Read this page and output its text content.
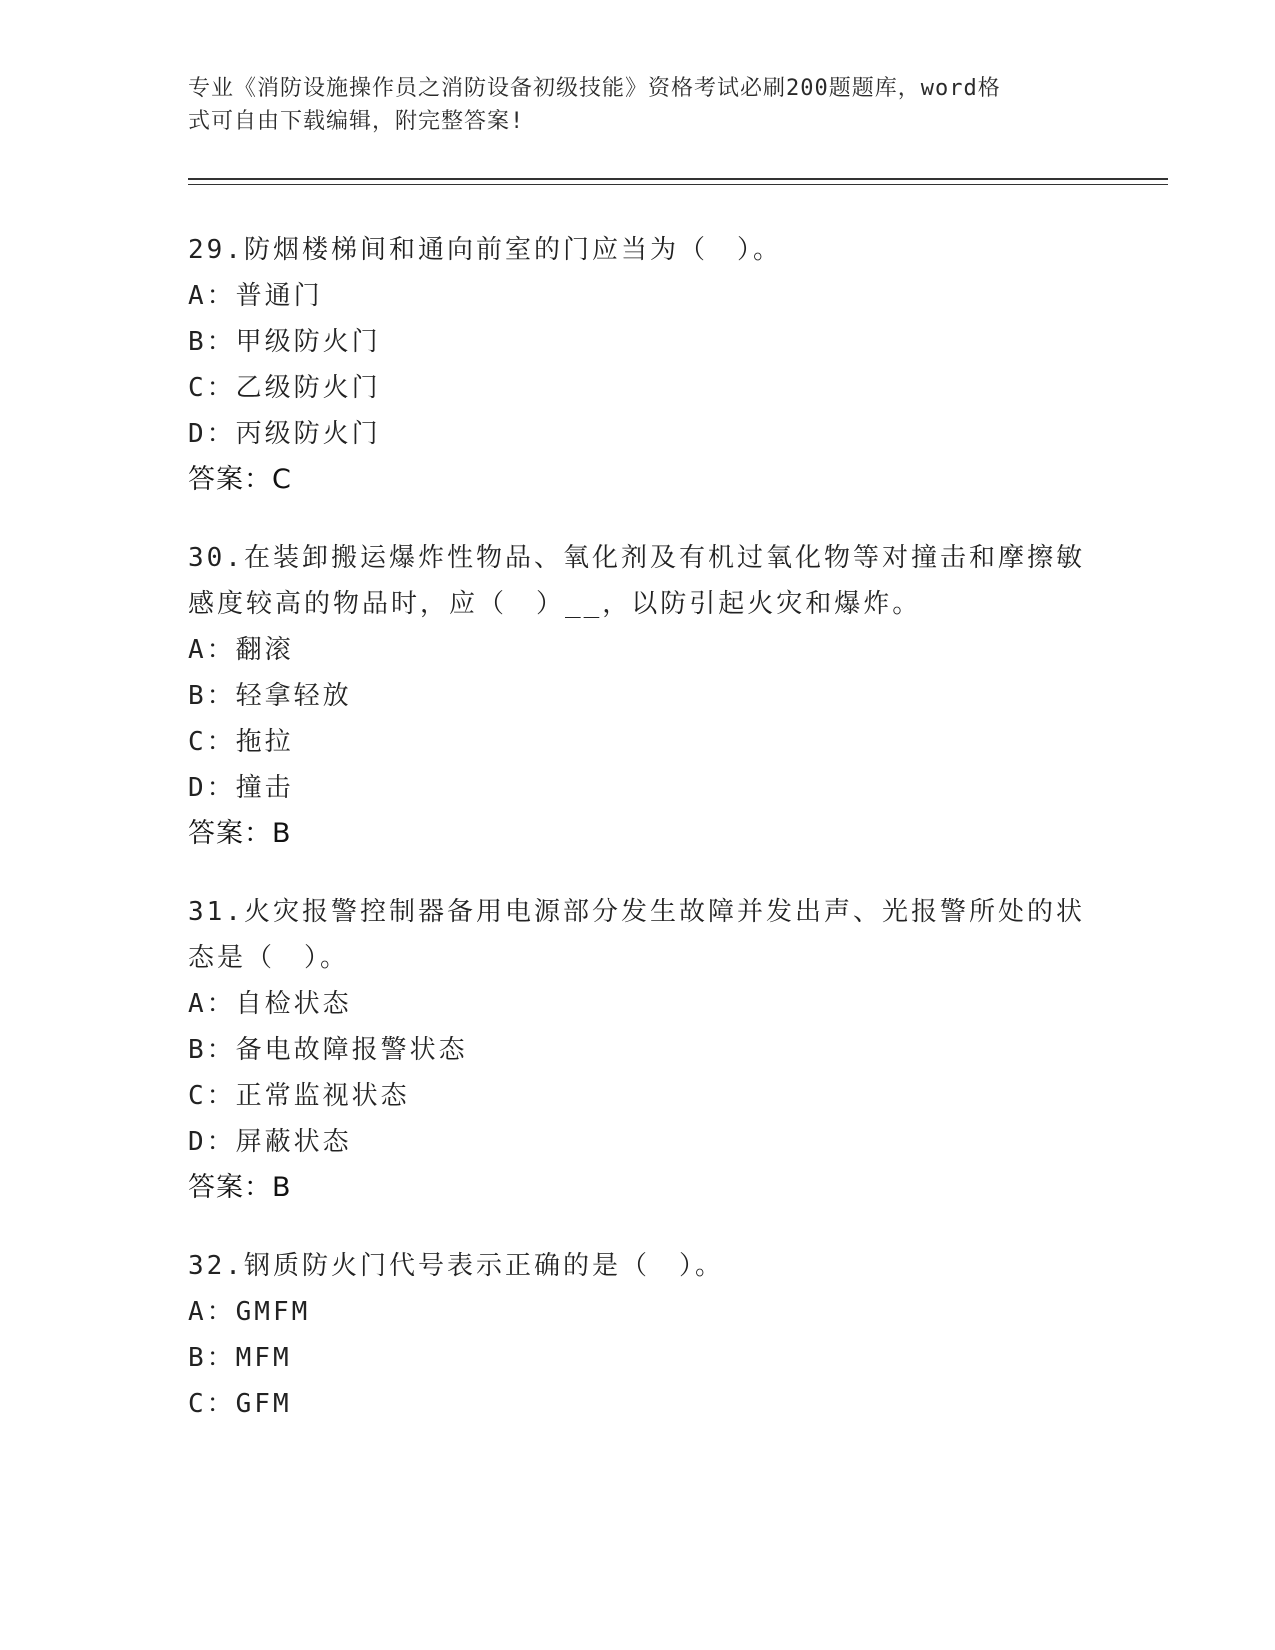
专业《消防设施操作员之消防设备初级技能》资格考试必刷200题题库，word格
式可自由下载编辑，附完整答案!
29.防烟楼梯间和通向前室的门应当为（　）。
A： 普通门
B： 甲级防火门
C： 乙级防火门
D： 丙级防火门
答案：C
30.在装卸搬运爆炸性物品、氧化剂及有机过氧化物等对撞击和摩擦敏
感度较高的物品时，应（　）__，以防引起火灾和爆炸。
A： 翻滚
B： 轻拿轻放
C： 拖拉
D： 撞击
答案：B
31.火灾报警控制器备用电源部分发生故障并发出声、光报警所处的状
态是（　）。
A： 自检状态
B： 备电故障报警状态
C： 正常监视状态
D： 屏蔽状态
答案：B
32.钢质防火门代号表示正确的是（　）。
A： GMFM
B： MFM
C： GFM
